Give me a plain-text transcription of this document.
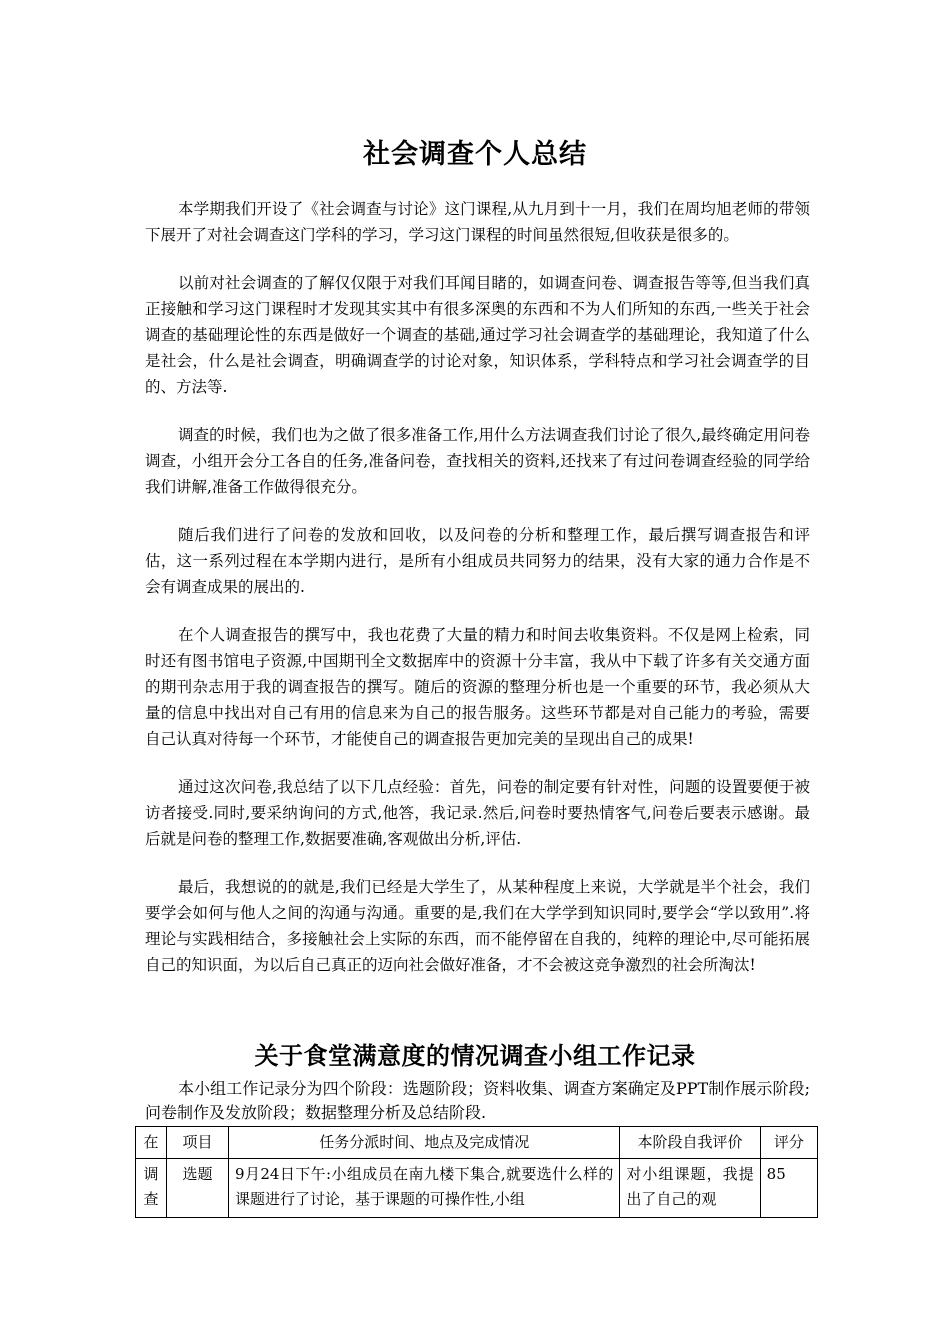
社会调查个人总结

本学期我们开设了《社会调查与讨论》这门课程,从九月到十一月，我们在周均旭老师的带领下展开了对社会调查这门学科的学习，学习这门课程的时间虽然很短,但收获是很多的。

以前对社会调查的了解仅仅限于对我们耳闻目睹的，如调查问卷、调查报告等等,但当我们真正接触和学习这门课程时才发现其实其中有很多深奥的东西和不为人们所知的东西,一些关于社会调查的基础理论性的东西是做好一个调查的基础,通过学习社会调查学的基础理论，我知道了什么是社会，什么是社会调查，明确调查学的讨论对象，知识体系，学科特点和学习社会调查学的目的、方法等.

调查的时候，我们也为之做了很多准备工作,用什么方法调查我们讨论了很久,最终确定用问卷调查，小组开会分工各自的任务,准备问卷，查找相关的资料,还找来了有过问卷调查经验的同学给我们讲解,准备工作做得很充分。

随后我们进行了问卷的发放和回收，以及问卷的分析和整理工作，最后撰写调查报告和评估，这一系列过程在本学期内进行，是所有小组成员共同努力的结果，没有大家的通力合作是不会有调查成果的展出的.

在个人调查报告的撰写中，我也花费了大量的精力和时间去收集资料。不仅是网上检索，同时还有图书馆电子资源,中国期刊全文数据库中的资源十分丰富，我从中下载了许多有关交通方面的期刊杂志用于我的调查报告的撰写。随后的资源的整理分析也是一个重要的环节，我必须从大量的信息中找出对自己有用的信息来为自己的报告服务。这些环节都是对自己能力的考验，需要自己认真对待每一个环节，才能使自己的调查报告更加完美的呈现出自己的成果!

通过这次问卷,我总结了以下几点经验：首先，问卷的制定要有针对性，问题的设置要便于被访者接受.同时,要采纳询问的方式,他答，我记录.然后,问卷时要热情客气,问卷后要表示感谢。最后就是问卷的整理工作,数据要准确,客观做出分析,评估.

最后，我想说的的就是,我们已经是大学生了，从某种程度上来说，大学就是半个社会，我们要学会如何与他人之间的沟通与沟通。重要的是,我们在大学学到知识同时,要学会“学以致用”.将理论与实践相结合，多接触社会上实际的东西，而不能停留在自我的，纯粹的理论中,尽可能拓展自己的知识面，为以后自己真正的迈向社会做好准备，才不会被这竞争激烈的社会所淘汰!

关于食堂满意度的情况调查小组工作记录

本小组工作记录分为四个阶段：选题阶段；资料收集、调查方案确定及PPT制作展示阶段;问卷制作及发放阶段；数据整理分析及总结阶段.

在	项目	任务分派时间、地点及完成情况	本阶段自我评价	评分

调查	选题	9月24日下午:小组成员在南九楼下集合,就要选什么样的课题进行了讨论，基于课题的可操作性,小组	对小组课题，我提出了自己的观	85
